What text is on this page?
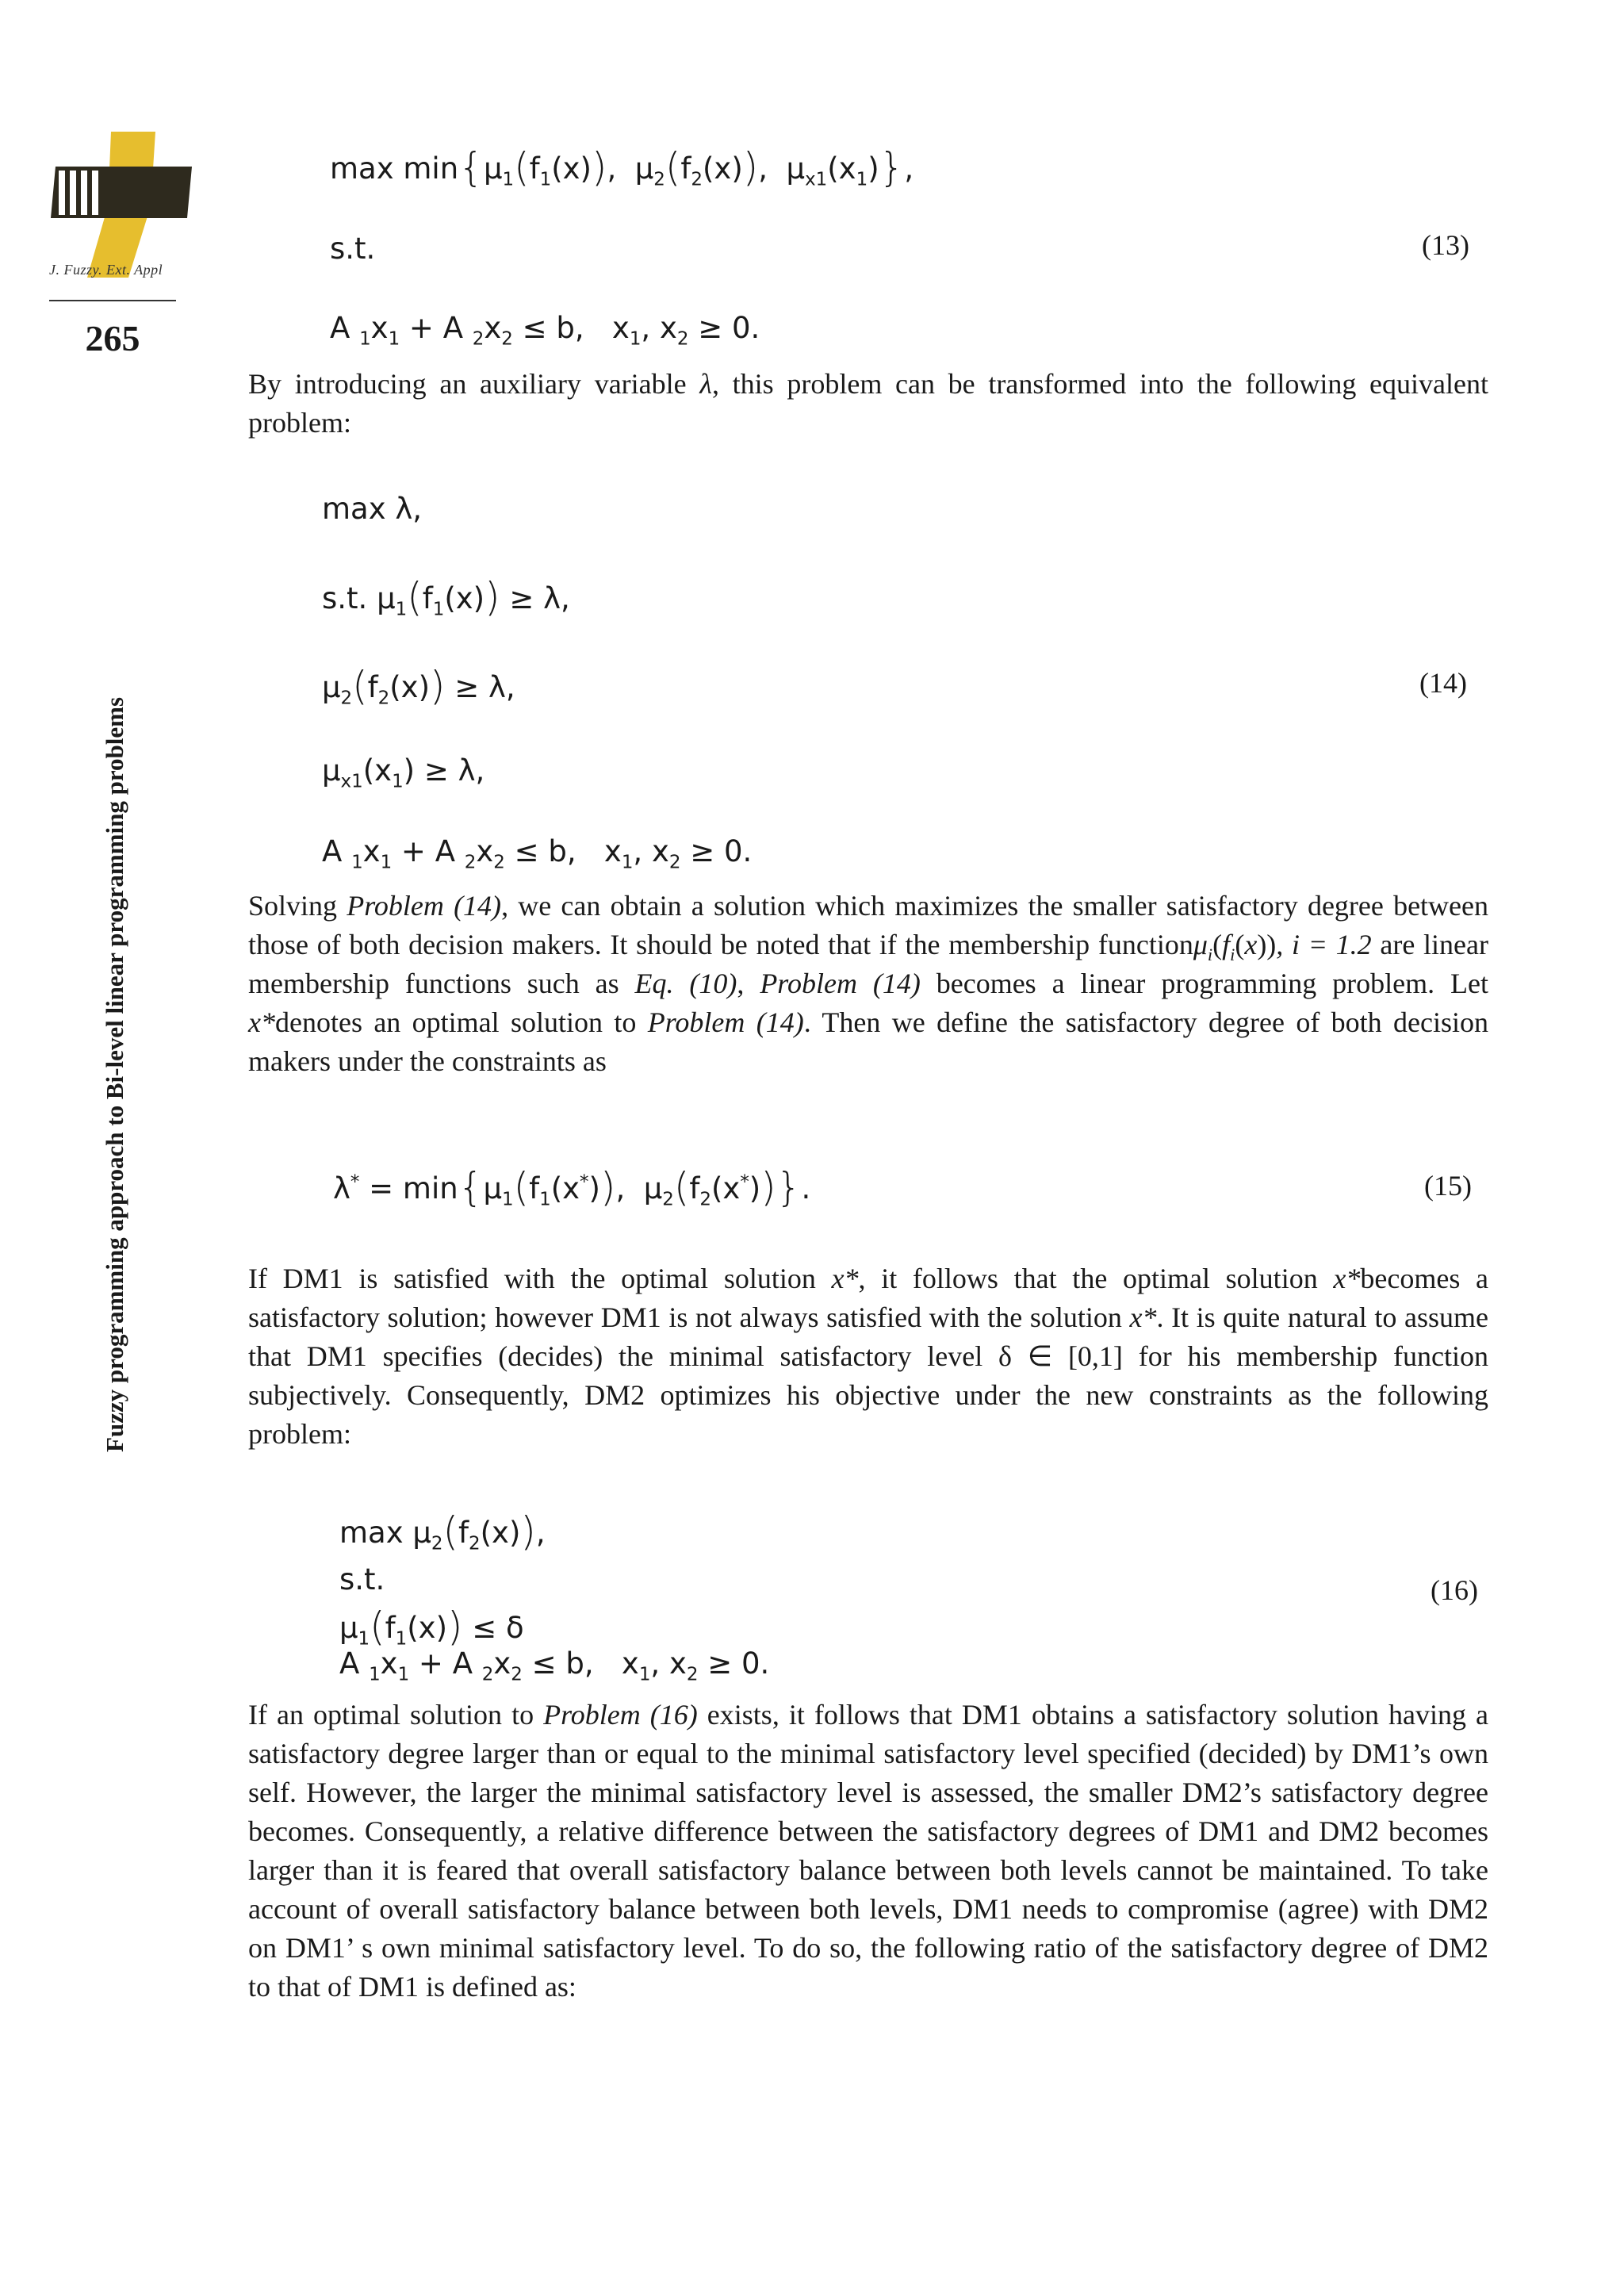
J. Fuzzy. Ext. Appl
265
Fuzzy programming approach to Bi-level linear programming problems
$\max \min\{\mu_1(f_1(x))$,  $\mu_2(f_2(x))$,  $\mu_{x1}(x_1)$},
s.t.	(13)
A $_1x_1 + A$ $_2x_2 \le b$,   $x_1$, $x_2 \ge 0$.
By introducing an auxiliary variable λ, this problem can be transformed into the following equivalent problem:
max λ,
s.t. $\mu_1(f_1(x)) \ge \lambda$,
$\mu_2(f_2(x)) \ge \lambda$,	(14)
$\mu_{x1}(x_1) \ge \lambda$,
A $_1x_1 + A$ $_2x_2 \le b$,   $x_1$, $x_2 \ge 0$.
Solving Problem (14), we can obtain a solution which maximizes the smaller satisfactory degree between those of both decision makers. It should be noted that if the membership $function\mu_i(f_i(x))$, i = 1.2 are linear membership functions such as Eq. (10), Problem (14) becomes a linear programming problem. Let x*denotes an optimal solution to Problem (14). Then we define the satisfactory degree of both decision makers under the constraints as
$\lambda^* = \min\{\mu_1(f_1(x^*))$,  $\mu_2(f_2(x^*))$}.	(15)
If DM1 is satisfied with the optimal solution x*, it follows that the optimal solution x*becomes a satisfactory solution; however DM1 is not always satisfied with the solution x*. It is quite natural to assume that DM1 specifies (decides) the minimal satisfactory level δ ∈ [0,1] for his membership function subjectively. Consequently, DM2 optimizes his objective under the new constraints as the following problem:
$\max \mu_2(f_2(x))$,
s.t.	(16)
$\mu_1(f_1(x)) \le \delta$
A $_1x_1 + A$ $_2x_2 \le b$,   $x_1$, $x_2 \ge 0$.
If an optimal solution to Problem (16) exists, it follows that DM1 obtains a satisfactory solution having a satisfactory degree larger than or equal to the minimal satisfactory level specified (decided) by DM1’s own self. However, the larger the minimal satisfactory level is assessed, the smaller DM2’s satisfactory degree becomes. Consequently, a relative difference between the satisfactory degrees of DM1 and DM2 becomes larger than it is feared that overall satisfactory balance between both levels cannot be maintained. To take account of overall satisfactory balance between both levels, DM1 needs to compromise (agree) with DM2 on DM1’ s own minimal satisfactory level. To do so, the following ratio of the satisfactory degree of DM2 to that of DM1 is defined as:
